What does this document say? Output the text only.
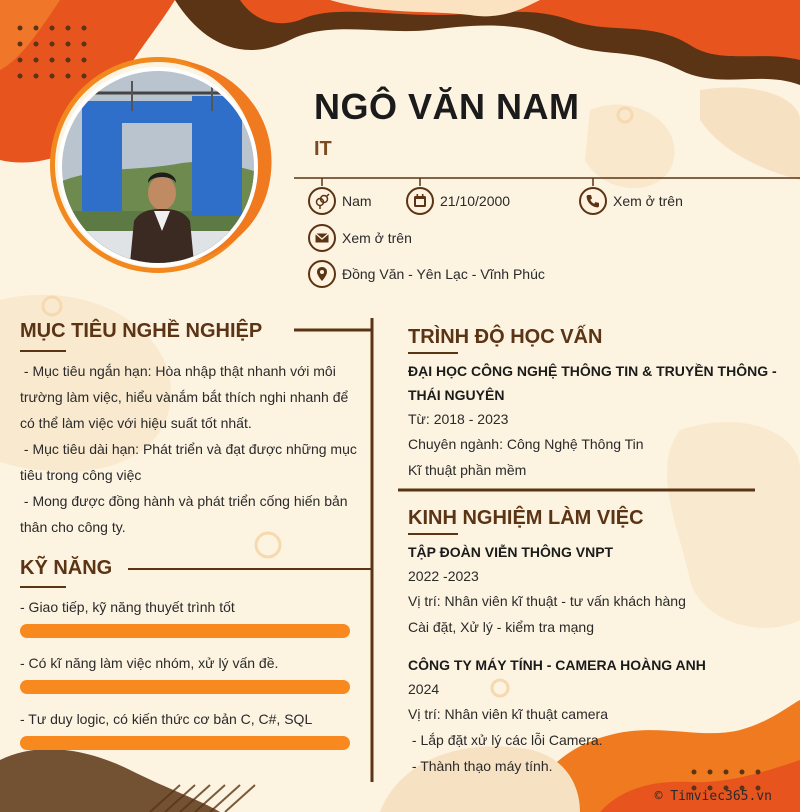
NGÔ VĂN NAM
IT
Nam	21/10/2000	Xem ở trên
Xem ở trên
Đồng Văn - Yên Lạc - Vĩnh Phúc
MỤC TIÊU NGHỀ NGHIỆP
- Mục tiêu ngắn hạn: Hòa nhập thật nhanh với môi
trường làm việc, hiểu vànắm bắt thích nghi nhanh để
có thể làm việc với hiệu suất tốt nhất.
- Mục tiêu dài hạn: Phát triển và đạt được những mục
tiêu trong công việc
- Mong được đồng hành và phát triển cống hiến bản
thân cho công ty.
KỸ NĂNG
- Giao tiếp, kỹ năng thuyết trình tốt
- Có kĩ năng làm việc nhóm, xử lý vấn đề.
- Tư duy logic, có kiến thức cơ bản C, C#, SQL
TRÌNH ĐỘ HỌC VẤN
ĐẠI HỌC CÔNG NGHỆ THÔNG TIN & TRUYỀN THÔNG -
THÁI NGUYÊN
Từ: 2018 - 2023
Chuyên ngành: Công Nghệ Thông Tin
Kĩ thuật phần mềm
KINH NGHIỆM LÀM VIỆC
TẬP ĐOÀN VIỄN THÔNG VNPT
2022 -2023
Vị trí: Nhân viên kĩ thuật - tư vấn khách hàng
Cài đặt, Xử lý - kiểm tra mạng
CÔNG TY MÁY TÍNH - CAMERA HOÀNG ANH
2024
Vị trí: Nhân viên kĩ thuật camera
- Lắp đặt xử lý các lỗi Camera.
- Thành thạo máy tính.
© Timviec365.vn
